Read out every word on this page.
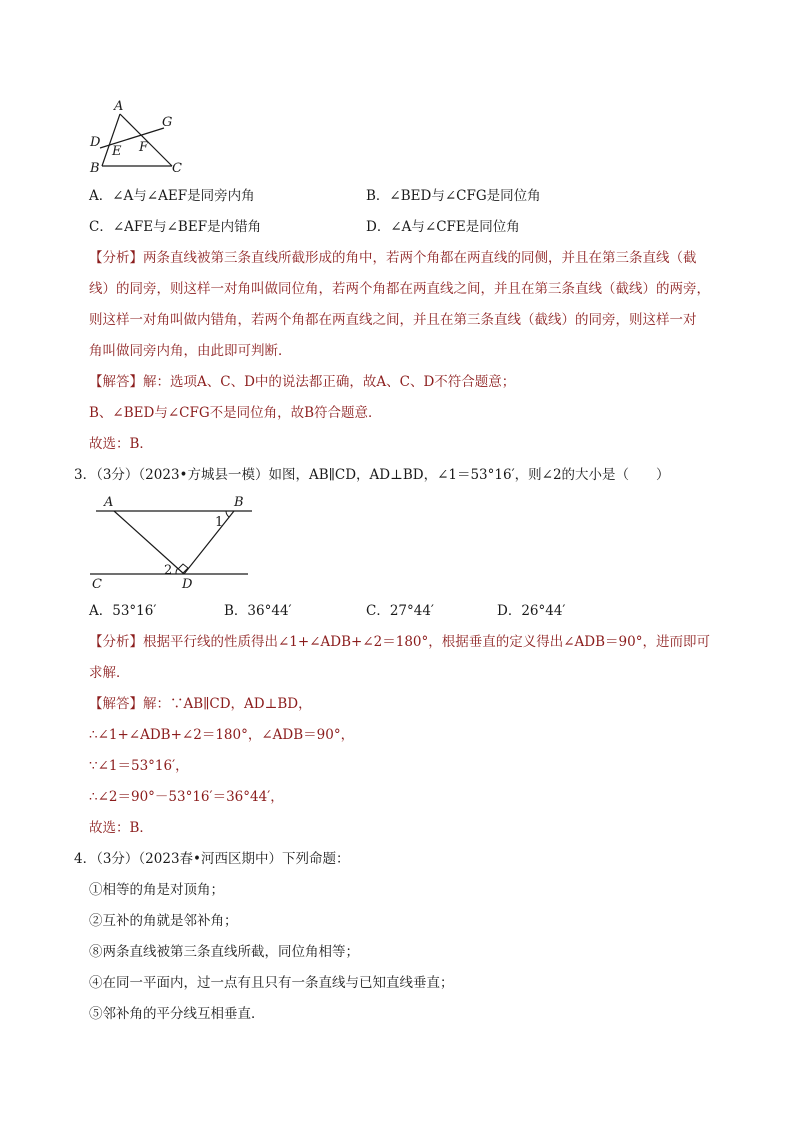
A
G
D
E F
B	C
A．∠A与∠AEF是同旁内角	B．∠BED与∠CFG是同位角
C．∠AFE与∠BEF是内错角	D．∠A与∠CFE是同位角
【分析】两条直线被第三条直线所截形成的角中，若两个角都在两直线的同侧，并且在第三条直线（截
线）的同旁，则这样一对角叫做同位角，若两个角都在两直线之间，并且在第三条直线（截线）的两旁，
则这样一对角叫做内错角，若两个角都在两直线之间，并且在第三条直线（截线）的同旁，则这样一对
角叫做同旁内角，由此即可判断．
【解答】解：选项A、C、D中的说法都正确，故A、C、D不符合题意；
B、∠BED与∠CFG不是同位角，故B符合题意．
故选：B．
3．（3分）（2023•方城县一模）如图，AB∥CD，AD⊥BD，∠1＝53°16′，则∠2的大小是（　　）
A	B
C	D
1
2
A．53°16′	B．36°44′	C．27°44′	D．26°44′
【分析】根据平行线的性质得出∠1+∠ADB+∠2＝180°，根据垂直的定义得出∠ADB＝90°，进而即可
求解．
【解答】解：∵AB∥CD，AD⊥BD，
∴∠1+∠ADB+∠2＝180°，∠ADB＝90°，
∵∠1＝53°16′，
∴∠2＝90°－53°16′＝36°44′，
故选：B．
4．（3分）（2023春•河西区期中）下列命题：
①相等的角是对顶角；
②互补的角就是邻补角；
⑧两条直线被第三条直线所截，同位角相等；
④在同一平面内，过一点有且只有一条直线与已知直线垂直；
⑤邻补角的平分线互相垂直．
